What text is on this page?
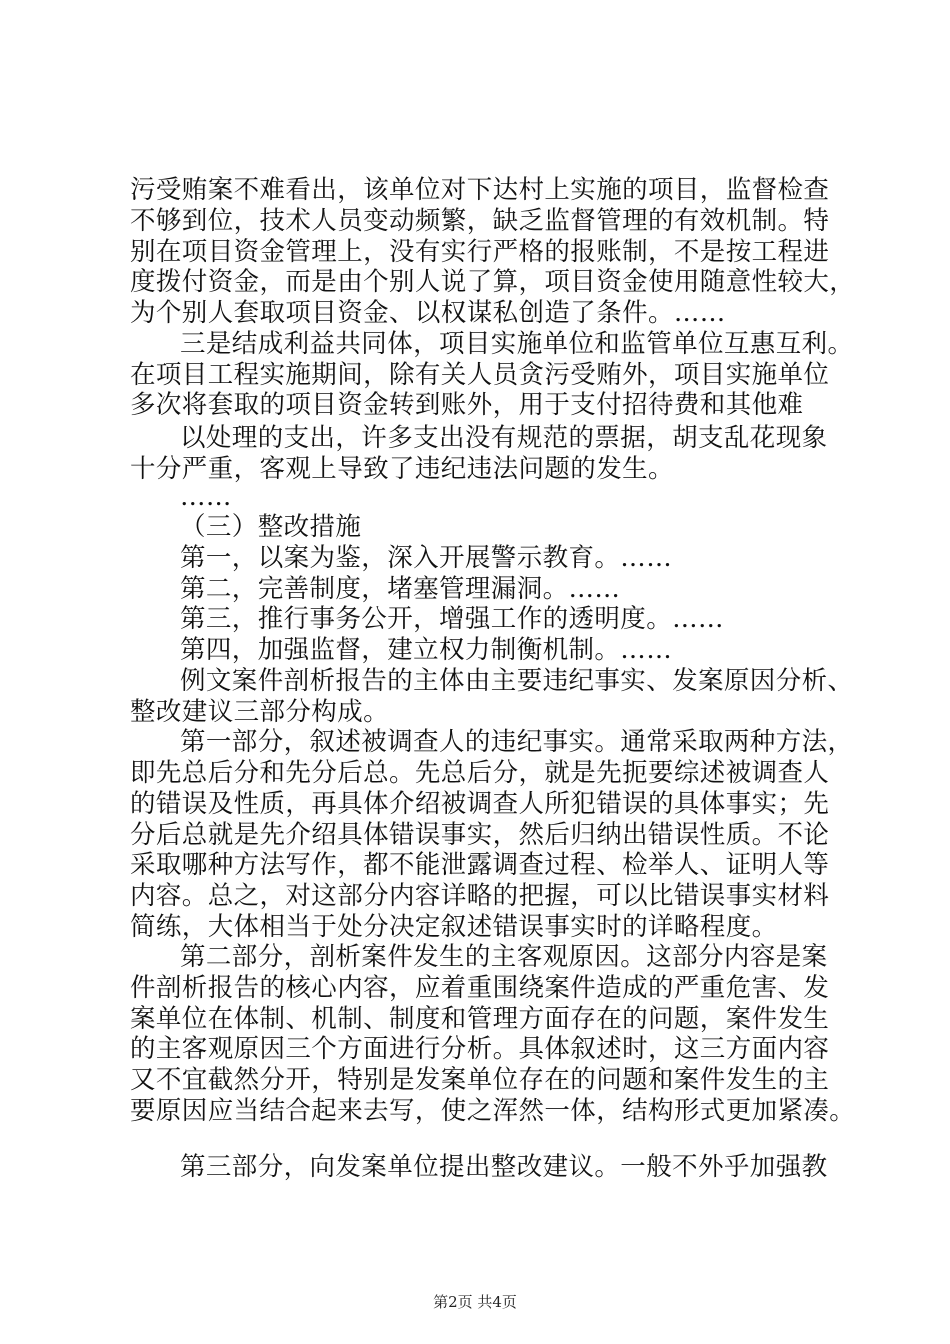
污受贿案不难看出，该单位对下达村上实施的项目，监督检查
不够到位，技术人员变动频繁，缺乏监督管理的有效机制。特
别在项目资金管理上，没有实行严格的报账制，不是按工程进
度拨付资金，而是由个别人说了算，项目资金使用随意性较大，
为个别人套取项目资金、以权谋私创造了条件。……
三是结成利益共同体，项目实施单位和监管单位互惠互利。
在项目工程实施期间，除有关人员贪污受贿外，项目实施单位
多次将套取的项目资金转到账外，用于支付招待费和其他难
以处理的支出，许多支出没有规范的票据，胡支乱花现象
十分严重，客观上导致了违纪违法问题的发生。
……
（三）整改措施
第一，以案为鉴，深入开展警示教育。……
第二，完善制度，堵塞管理漏洞。……
第三，推行事务公开，增强工作的透明度。……
第四，加强监督，建立权力制衡机制。……
例文案件剖析报告的主体由主要违纪事实、发案原因分析、
整改建议三部分构成。
第一部分，叙述被调查人的违纪事实。通常采取两种方法，
即先总后分和先分后总。先总后分，就是先扼要综述被调查人
的错误及性质，再具体介绍被调查人所犯错误的具体事实；先
分后总就是先介绍具体错误事实，然后归纳出错误性质。不论
采取哪种方法写作，都不能泄露调查过程、检举人、证明人等
内容。总之，对这部分内容详略的把握，可以比错误事实材料
简练，大体相当于处分决定叙述错误事实时的详略程度。
第二部分，剖析案件发生的主客观原因。这部分内容是案
件剖析报告的核心内容，应着重围绕案件造成的严重危害、发
案单位在体制、机制、制度和管理方面存在的问题，案件发生
的主客观原因三个方面进行分析。具体叙述时，这三方面内容
又不宜截然分开，特别是发案单位存在的问题和案件发生的主
要原因应当结合起来去写，使之浑然一体，结构形式更加紧凑。
第三部分，向发案单位提出整改建议。一般不外乎加强教
第2页 共4页
